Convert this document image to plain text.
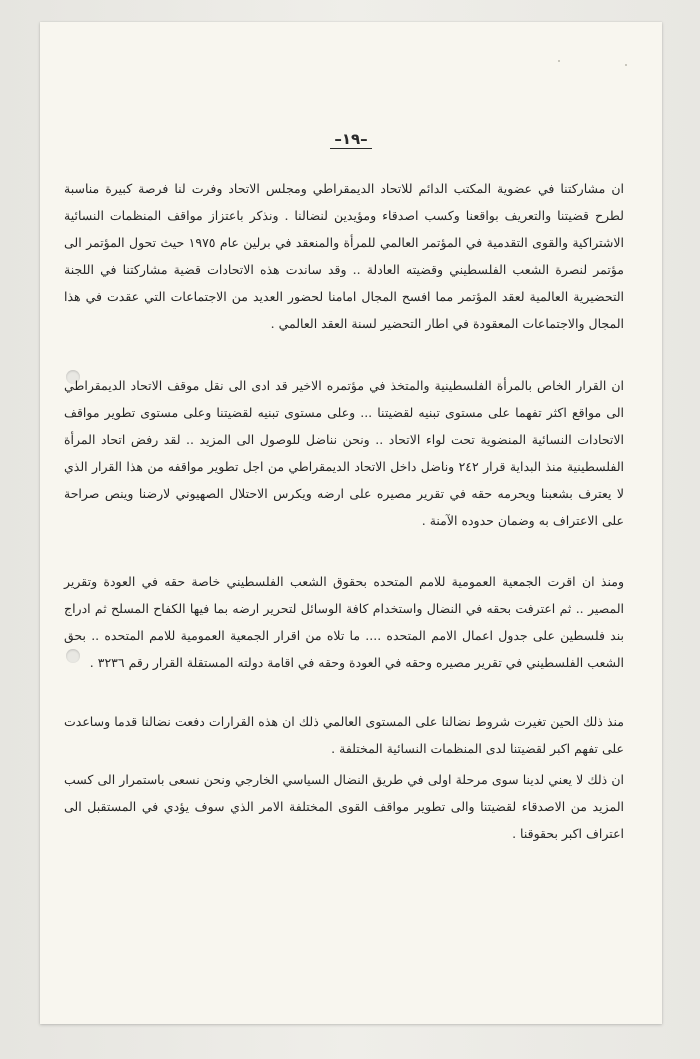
–١٩–

ان مشاركتنا في عضوية المكتب الدائم للاتحاد الديمقراطي ومجلس الاتحاد وفرت لنا فرصة كبيرة مناسبة لطرح قضيتنا والتعريف بواقعنا وكسب اصدقاء ومؤيدين لنضالنا . ونذكر باعتزاز مواقف المنظمات النسائية الاشتراكية والقوى التقدمية في المؤتمر العالمي للمرأة والمنعقد في برلين عام ١٩٧٥ حيث تحول المؤتمر الى مؤتمر لنصرة الشعب الفلسطيني وقضيته العادلة .. وقد ساندت هذه الاتحادات قضية مشاركتنا في اللجنة التحضيرية العالمية لعقد المؤتمر مما افسح المجال امامنا لحضور العديد من الاجتماعات التي عقدت في هذا المجال والاجتماعات المعقودة في اطار التحضير لسنة العقد العالمي .

ان القرار الخاص بالمرأة الفلسطينية والمتخذ في مؤتمره الاخير قد ادى الى نقل موقف الاتحاد الديمقراطي الى مواقع اكثر تفهما على مستوى تبنيه لقضيتنا ... وعلى مستوى تبنيه لقضيتنا وعلى مستوى تطوير مواقف الاتحادات النسائية المنضوية تحت لواء الاتحاد .. ونحن نناضل للوصول الى المزيد .. لقد رفض اتحاد المرأة الفلسطينية منذ البداية قرار ٢٤٢ وناضل داخل الاتحاد الديمقراطي من اجل تطوير مواقفه من هذا القرار الذي لا يعترف بشعبنا ويحرمه حقه في تقرير مصيره على ارضه ويكرس الاحتلال الصهيوني لارضنا وينص صراحة على الاعتراف به وضمان حدوده الآمنة .

ومنذ ان اقرت الجمعية العمومية للامم المتحده بحقوق الشعب الفلسطيني خاصة حقه في العودة وتقرير المصير .. ثم اعترفت بحقه في النضال واستخدام كافة الوسائل لتحرير ارضه بما فيها الكفاح المسلح ثم ادراج بند فلسطين على جدول اعمال الامم المتحده .... ما تلاه من اقرار الجمعية العمومية للامم المتحده .. بحق الشعب الفلسطيني في تقرير مصيره وحقه في العودة وحقه في اقامة دولته المستقلة القرار رقم ٣٢٣٦ .

منذ ذلك الحين تغيرت شروط نضالنا على المستوى العالمي ذلك ان هذه القرارات دفعت نضالنا قدما وساعدت على تفهم اكبر لقضيتنا لدى المنظمات النسائية المختلفة .

ان ذلك لا يعني لدينا سوى مرحلة اولى في طريق النضال السياسي الخارجي ونحن نسعى باستمرار الى كسب المزيد من الاصدقاء لقضيتنا والى تطوير مواقف القوى المختلفة الامر الذي سوف يؤدي في المستقبل الى اعتراف اكبر بحقوقنا .
